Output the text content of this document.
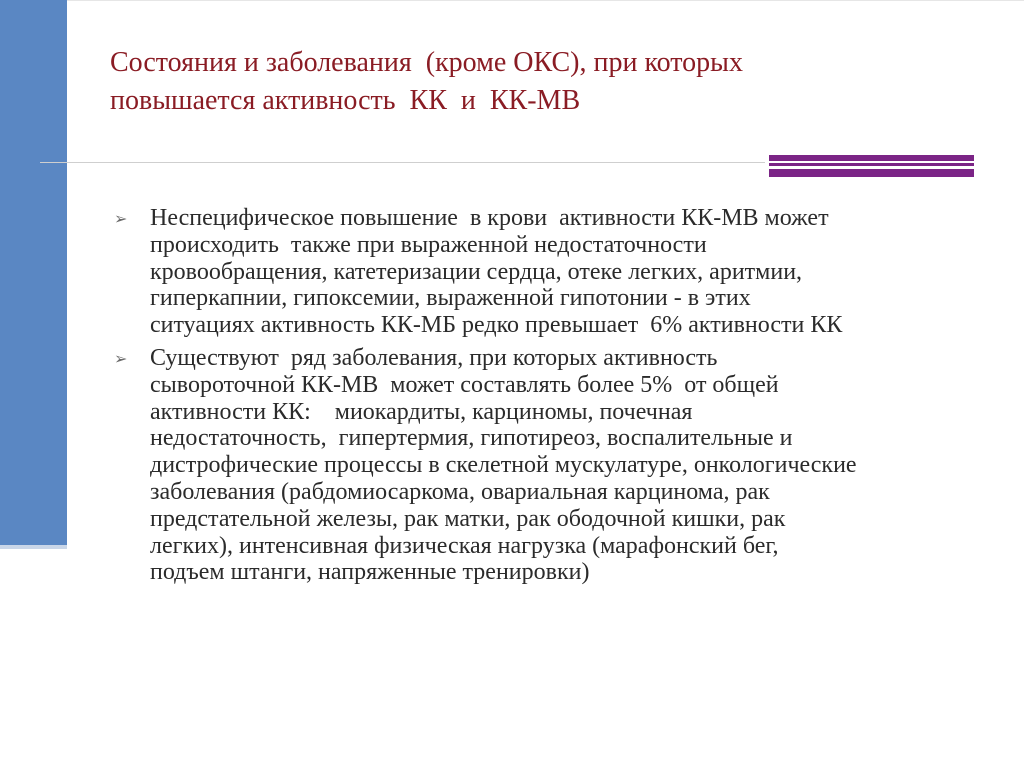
Состояния и заболевания  (кроме ОКС), при которых
повышается активность  КК  и  КК-МВ
➢ Неспецифическое повышение  в крови  активности КК-МВ может
происходить  также при выраженной недостаточности
кровообращения, катетеризации сердца, отеке легких, аритмии,
гиперкапнии, гипоксемии, выраженной гипотонии - в этих
ситуациях активность КК-МБ редко превышает  6% активности КК
➢ Существуют  ряд заболевания, при которых активность
сывороточной КК-МВ  может составлять более 5%  от общей
активности КК:    миокардиты, карциномы, почечная
недостаточность,  гипертермия, гипотиреоз, воспалительные и
дистрофические процессы в скелетной мускулатуре, онкологические
заболевания (рабдомиосаркома, овариальная карцинома, рак
предстательной железы, рак матки, рак ободочной кишки, рак
легких), интенсивная физическая нагрузка (марафонский бег,
подъем штанги, напряженные тренировки)
